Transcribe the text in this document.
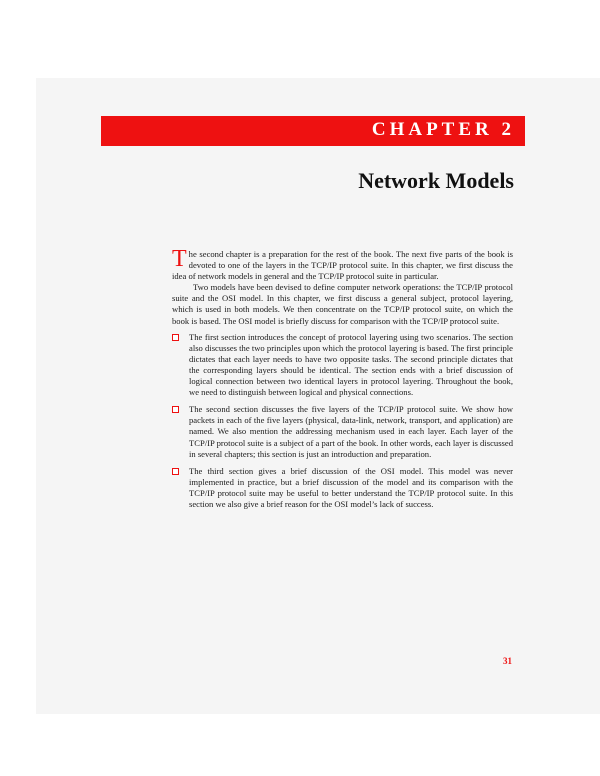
CHAPTER 2
Network Models

The second chapter is a preparation for the rest of the book. The next five parts of the book is devoted to one of the layers in the TCP/IP protocol suite. In this chapter, we first discuss the idea of network models in general and the TCP/IP protocol suite in particular.

Two models have been devised to define computer network operations: the TCP/IP protocol suite and the OSI model. In this chapter, we first discuss a general subject, protocol layering, which is used in both models. We then concentrate on the TCP/IP protocol suite, on which the book is based. The OSI model is briefly discuss for comparison with the TCP/IP protocol suite.

The first section introduces the concept of protocol layering using two scenarios. The section also discusses the two principles upon which the protocol layering is based. The first principle dictates that each layer needs to have two opposite tasks. The second principle dictates that the corresponding layers should be identical. The section ends with a brief discussion of logical connection between two identical layers in protocol layering. Throughout the book, we need to distinguish between logical and physical connections.
The second section discusses the five layers of the TCP/IP protocol suite. We show how packets in each of the five layers (physical, data-link, network, transport, and application) are named. We also mention the addressing mechanism used in each layer. Each layer of the TCP/IP protocol suite is a subject of a part of the book. In other words, each layer is discussed in several chapters; this section is just an introduction and preparation.
The third section gives a brief discussion of the OSI model. This model was never implemented in practice, but a brief discussion of the model and its comparison with the TCP/IP protocol suite may be useful to better understand the TCP/IP protocol suite. In this section we also give a brief reason for the OSI model’s lack of success.
31
